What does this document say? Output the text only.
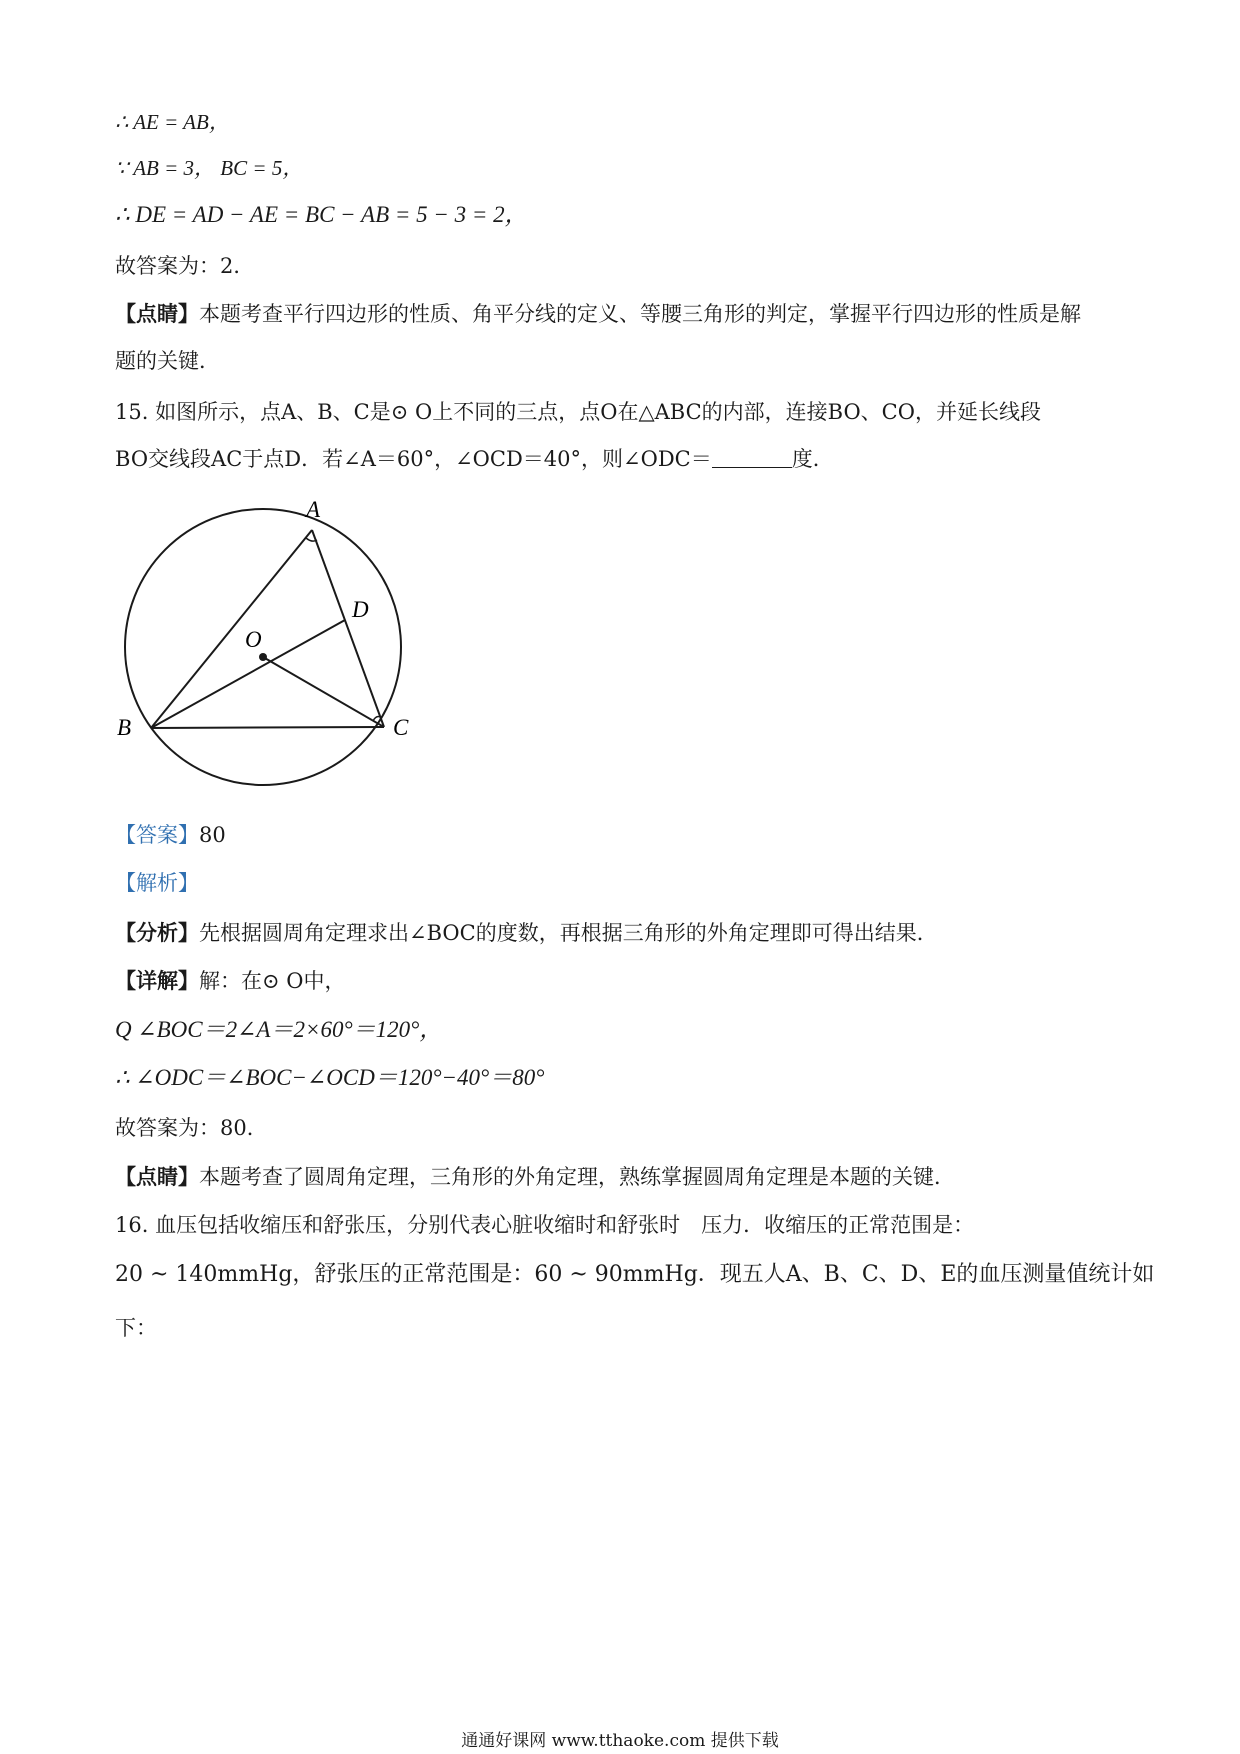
∴ AE = AB，
∵ AB = 3， BC = 5，
∴ DE = AD − AE = BC − AB = 5 − 3 = 2，
故答案为：2．
【点睛】本题考查平行四边形的性质、角平分线的定义、等腰三角形的判定，掌握平行四边形的性质是解
题的关键．
15. 如图所示，点A、B、C是⊙ O上不同的三点，点O在△ABC的内部，连接BO、CO，并延长线段
BO交线段AC于点D．若∠A＝60°，∠OCD＝40°，则∠ODC＝	度．
A
B	C
D
O
【答案】80
【解析】
【分析】先根据圆周角定理求出∠BOC的度数，再根据三角形的外角定理即可得出结果．
【详解】解：在⊙ O中，
Q ∠BOC＝2∠A＝2×60°＝120°，
∴ ∠ODC＝∠BOC−∠OCD＝120°−40°＝80°
故答案为：80．
【点睛】本题考查了圆周角定理，三角形的外角定理，熟练掌握圆周角定理是本题的关键．
16. 血压包括收缩压和舒张压，分别代表心脏收缩时和舒张时　压力．收缩压的正常范围是：
20 ~ 140mmHg，舒张压的正常范围是：60 ~ 90mmHg．现五人A、B、C、D、E的血压测量值统计如
下：
通通好课网 www.tthaoke.com 提供下载
